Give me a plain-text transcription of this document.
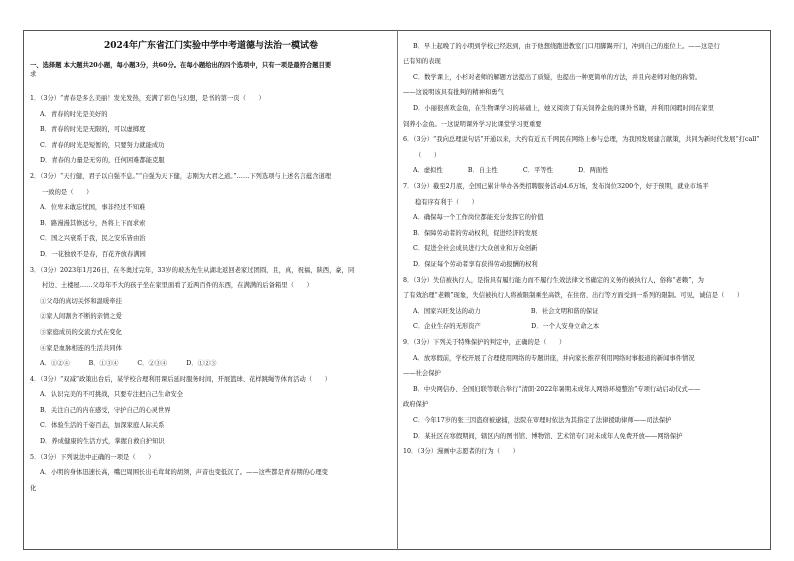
2024年广东省江门实验中学中考道德与法治一模试卷
一、选择题 本大题共20小题，每小题3分，共60分。在每小题给出的四个选项中，只有一项是最符合题目要
求
1．（3分）“青春是多么美丽！发光发热，充满了彩色与幻想，是书的第一页（　　）
A．青春的时光是美好的
B．青春的时光是无限的，可以虚掷度
C．青春的时光是短暂的，只要努力就能成功
D．青春的力量是无穷的，任何困难都能克服
2．（3分）“天行健，君子以自强不息。”“自强为天下健，志刚为大君之道。”……下列选项与上述名言蕴含道理
一致的是（　　）
A．位卑未敢忘忧国，事非经过不知难
B．路漫漫其修远兮，吾将上下而求索
C．国之兴衰系于我，民之安乐皆由治
D．一花独放不是春，百花齐放春满园
3．（3分）2023年1月26日，在冬奥过完年，33岁的玻杰先生从湖北返回老家过团圆，且，真，祝福，陕西，豪，同
村边、土楼屋……父母年不大的孩子坐在家里面看了近两百件的东西，在满满的后备箱里（　　）
①父母的真切关怀和温暖牵挂
②家人间割舍不断的亲情之爱
③家庭成员的交流方式在变化
④家是血脉相连的生活共同体
A．①②④　　　B．①③④　　　C．②③④　　　D．①②③
4．（3分）“双减”政策出台后，某学校合理利用课后延时服务时间，开展篮球、花样跳绳等体育活动（　　）
A．认识完美的不可挑战，只要专注把自己生命安全
B．关注自己的内在感受，守护自己的心灵世界
C．体验生活的千姿百态，加深家庭人际关系
D．养成健康的生活方式，掌握自救自护知识
5．（3分）下列说法中正确的一项是（　　）
A．小明的身体迅速长高，嘴巴周围长出毛茸茸的胡须，声音也变低沉了。——这些都是青春期的心理变
化
B．早上起晚了的小明到学校已经迟到，由于他想绕跑进教室门口用脚踢开门，冲到自己的座位上。——这是行
已有知的表现
C．数学课上，小杉对老师的解题方法提出了质疑，也提出一种更简单的方法，并且向老师对他的称赞。
——这说明该具有批判的精神和勇气
D．小丽很喜欢金鱼，在生物课学习的基础上，她又阅读了有关饲养金鱼的课外书籍，并利用闲暇时间在家里
饲养小金鱼。一这说明课外学习比课堂学习更重要
6．（3分）“我向总理说句话”开通以来，大约有近五千网民在网络上参与总理，为我国发展建言献策，共同为新时代发展“打call”
（　　）
A．虚拟性　　　　B．自主性　　　　C．平等性　　　　D．两面性
7．（3分）截至2月底，全国已累计举办各类招聘服务活动4.6万场，发布岗位3200个，好于预期，就业市场平
稳有序有利于（　　）
A．确保每一个工作岗位都能充分发挥它的价值
B．保障劳动者的劳动权利，促进经济的发展
C．促进全社会成员进行大众创业和万众创新
D．保证每个劳动者享有获得劳动报酬的权利
8．（3分）失信被执行人，是指具有履行能力而不履行生效法律文书确定的义务的被执行人，俗称“老赖”，为
了有效治理“老赖”现象，失信被执行人将被限制乘坐高铁，在住宿、出行等方面受到一系列的限制。可见，诚信是（　　）
A．国家兴旺发达的动力　　　　　　　　B．社会文明和谐的保证
C．企业生存的无形资产　　　　　　　　D．一个人安身立命之本
9．（3分）下列关于特殊保护的判定中，正确的是（　　）
A．放寒假前，学校开展了合理使用网络的专题讲座，并向家长推荐利用网络时事报道的新闻事件情况
——社会保护
B．中央网信办、全国妇联等联合举行“清朗·2022年暑期未成年人网络环境整治”专项行动启动仪式——
政府保护
C．今年17岁的张三因盗窃被逮捕，法院在审理时依法为其指定了法律援助律师——司法保护
D．某社区在寒假期间，辖区内的图书馆、博物馆、艺术馆专门对未成年人免费开放——网络保护
10．（3分）漫画中志愿者的行为（　　）
